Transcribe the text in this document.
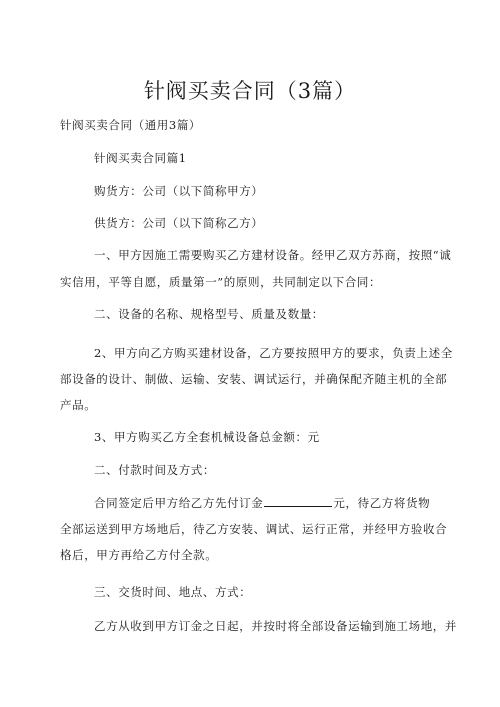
针阀买卖合同（3篇）
针阀买卖合同（通用3篇）
针阀买卖合同篇1
购货方：公司（以下简称甲方）
供货方：公司（以下简称乙方）
一、甲方因施工需要购买乙方建材设备。经甲乙双方苏商，按照“诚
实信用，平等自愿，质量第一”的原则，共同制定以下合同：
二、设备的名称、规格型号、质量及数量：
2、甲方向乙方购买建材设备，乙方要按照甲方的要求，负责上述全
部设备的设计、制做、运输、安装、调试运行，并确保配齐随主机的全部
产品。
3、甲方购买乙方全套机械设备总金额：元
二、付款时间及方式：
合同签定后甲方给乙方先付订金	元，待乙方将货物
全部运送到甲方场地后，待乙方安装、调试、运行正常，并经甲方验收合
格后，甲方再给乙方付全款。
三、交货时间、地点、方式：
乙方从收到甲方订金之日起，并按时将全部设备运输到施工场地，并
